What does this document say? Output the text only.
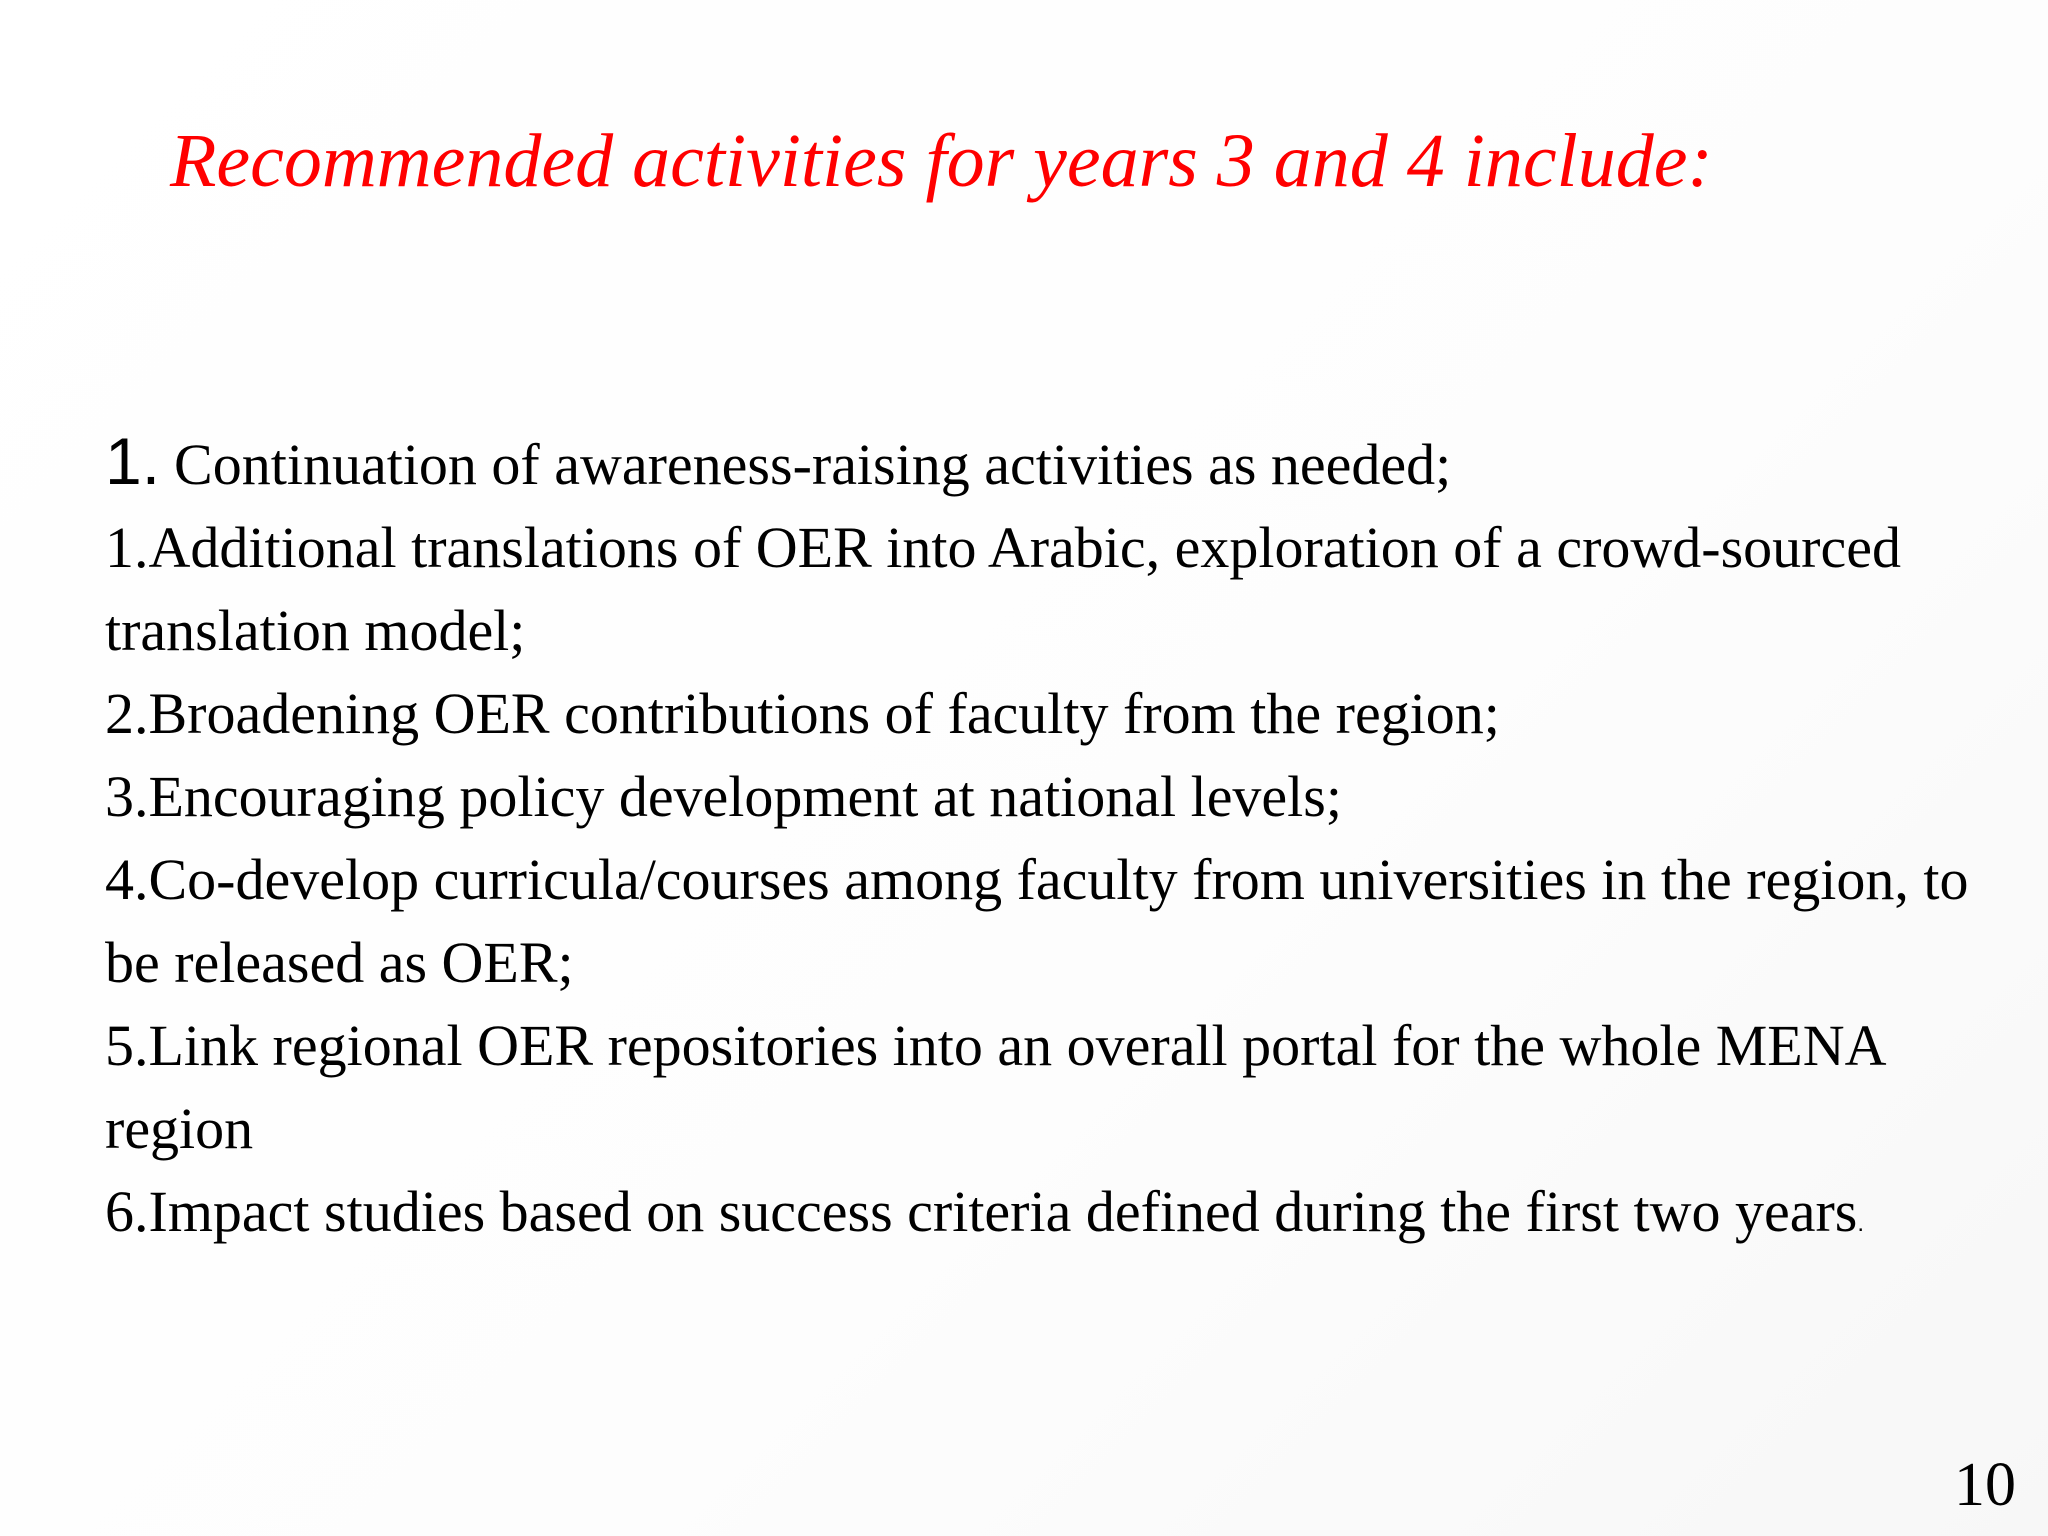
Recommended activities for years 3 and 4 include:
1. Continuation of awareness-raising activities as needed;
1.Additional translations of OER into Arabic, exploration of a crowd-sourced translation model;
2.Broadening OER contributions of faculty from the region;
3.Encouraging policy development at national levels;
4.Co-develop curricula/courses among faculty from universities in the region, to be released as OER;
5.Link regional OER repositories into an overall portal for the whole MENA region
6.Impact studies based on success criteria defined during the first two years.

10
